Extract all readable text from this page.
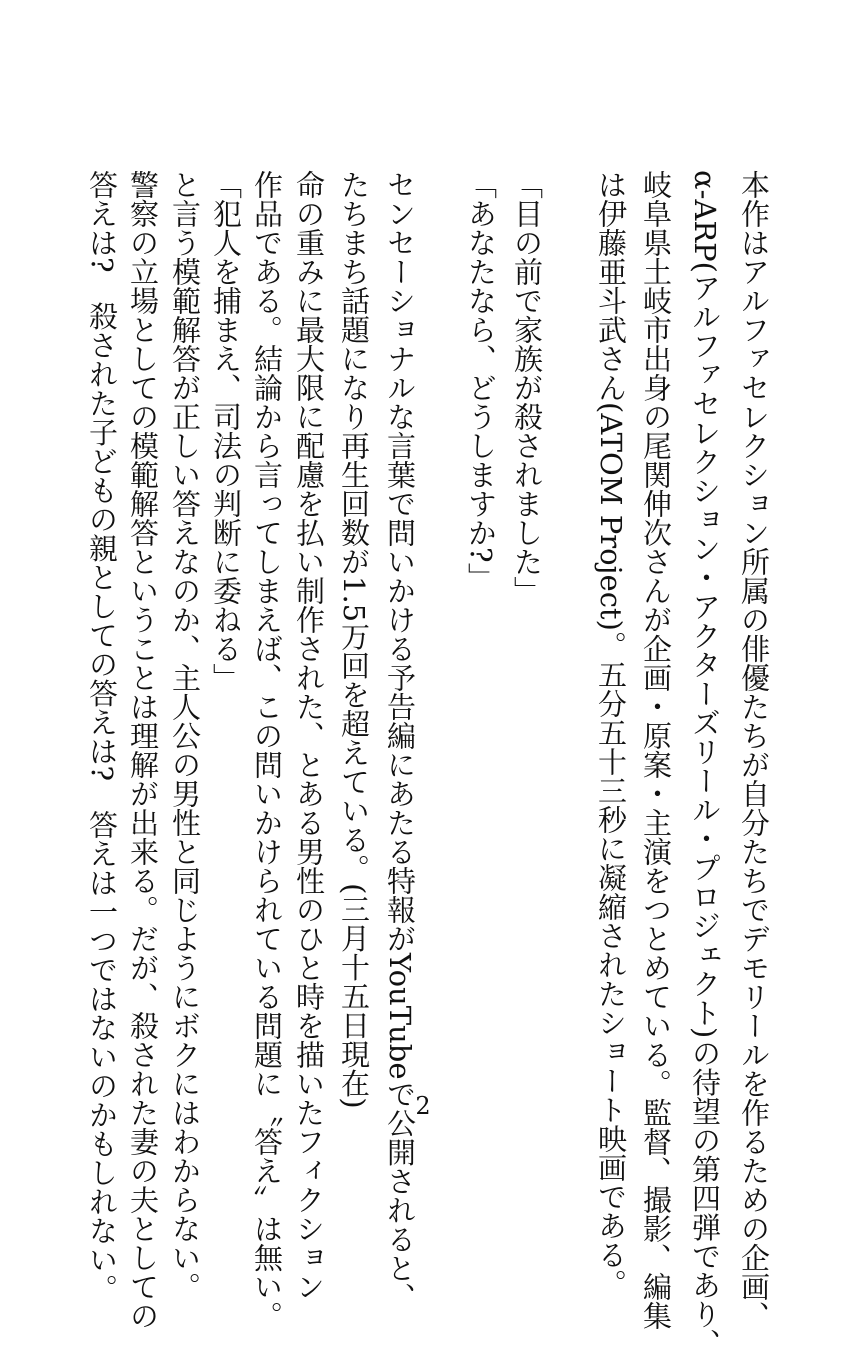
本作はアルファセレクション所属の俳優たちが自分たちでデモリールを作るための企画、
α-ARP(アルファセレクション・アクターズリール・プロジェクト)の待望の第四弾であり、
岐阜県土岐市出身の尾関伸次さんが企画・原案・主演をつとめている。監督、撮影、編集
は伊藤亜斗武さん(ATOM Project)。五分五十三秒に凝縮されたショート映画である。
「目の前で家族が殺されました」
「あなたなら、どうしますか?」
センセーショナルな言葉で問いかける予告編にあたる特報がYouTubeで公開されると、
たちまち話題になり再生回数が1.5万回を超えている。(三月十五日現在)
命の重みに最大限に配慮を払い制作された、とある男性のひと時を描いたフィクション
作品である。結論から言ってしまえば、この問いかけられている問題に〝答え〟は無い。
「犯人を捕まえ、司法の判断に委ねる」
と言う模範解答が正しい答えなのか、主人公の男性と同じようにボクにはわからない。
警察の立場としての模範解答ということは理解が出来る。だが、殺された妻の夫としての
答えは?　殺された子どもの親としての答えは?　答えは一つではないのかもしれない。	2
